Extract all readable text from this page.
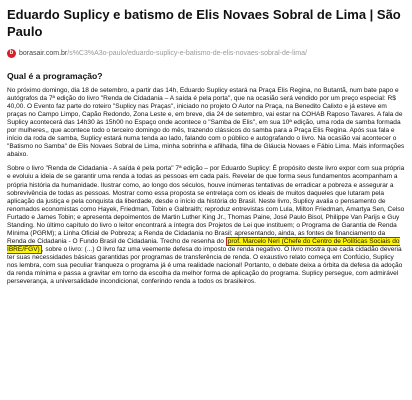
Eduardo Suplicy e batismo de Elis Novaes Sobral de Lima | São Paulo
b borasair.com.br /s%C3%A3o-paulo/eduardo-suplicy-e-batismo-de-elis-novaes-sobral-de-lima/
Qual é a programação?

No próximo domingo, dia 18 de setembro, a partir das 14h, Eduardo Suplicy estará na Praça Elis Regina, no Butantã, num bate papo e autógrafos da 7ª edição do livro "Renda de Cidadania – A saída é pela porta", que na ocasião será vendido por um preço especial: R$ 40,00. O Evento faz parte do roteiro "Suplicy nas Praças", iniciado no projeto O Autor na Praça, na Benedito Calixto e já esteve em praças no Campo Limpo, Capão Redondo, Zona Leste e, em breve, dia 24 de setembro, vai estar na COHAB Raposo Tavares. A fala de Suplicy acontecerá das 14h30 às 15h00 no Espaço onde acontece o "Samba de Elis", em sua 10ª edição, uma roda de samba formada por mulheres,, que acontece todo o terceiro domingo do mês, trazendo clássicos do samba para a Praça Elis Regina. Após sua fala e início da roda de samba, Suplicy estará numa tenda ao lado, falando com o público e autografando o livro. Na ocasião vai acontecer o "Batismo no Samba" de Elis Novaes Sobral de Lima, minha sobrinha e afilhada, filha de Gláucia Novaes e Fábio Lima. Mais informações abaixo.

Sobre o livro "Renda de Cidadania - A saída é pela porta" 7ª edição – por Eduardo Suplicy: É propósito deste livro expor com sua própria e evoluiu a ideia de se garantir uma renda a todas as pessoas em cada país. Revelar de que forma seus fundamentos acompanham a própria história da humanidade. Ilustrar como, ao longo dos séculos, houve inúmeras tentativas de erradicar a pobreza e assegurar a sobrevivência de todas as pessoas. Mostrar como essa proposta se entrelaça com os ideais de muitos daqueles que lutaram pela aplicação da justiça e pela conquista da liberdade, desde o início da história do Brasil. Neste livro, Suplicy avalia o pensamento de renomados economistas como Hayek, Friedman, Tobin e Galbraith; reproduz entrevistas com Lula, Milton Friedman, Amartya Sen, Celso Furtado e James Tobin; e apresenta depoimentos de Martin Luther King Jr., Thomas Paine, José Paulo Bisol, Philippe Van Parijs e Guy Standing. No último capítulo do livro o leitor encontrará a íntegra dos Projetos de Lei que instituem; o Programa de Garantia de Renda Mínima (PGRM); a Linha Oficial de Pobreza; a Renda de Cidadania no Brasil; apresentando, ainda, as fontes de financiamento da Renda de Cidadania - O Fundo Brasil de Cidadania. Trecho de resenha do prof. Marcelo Neri (Chefe do Centro de Políticas Sociais do IBRE/FGV) , sobre o livro: (...) O livro faz uma veemente defesa do imposto de renda negativo. O livro mostra que cada cidadão deveria ter suas necessidades básicas garantidas por programas de transferência de renda. O exaustivo relato começa em Confúcio, Suplicy nos lembra, com sua peculiar franqueza o programa já é uma realidade nacional! Portanto, o debate deixa a órbita da defesa da adoção da renda mínima e passa a gravitar em torno da escolha da melhor forma de aplicação do programa. Suplicy persegue, com admirável perseverança, a universalidade incondicional, conferindo renda a todos os brasileiros.
